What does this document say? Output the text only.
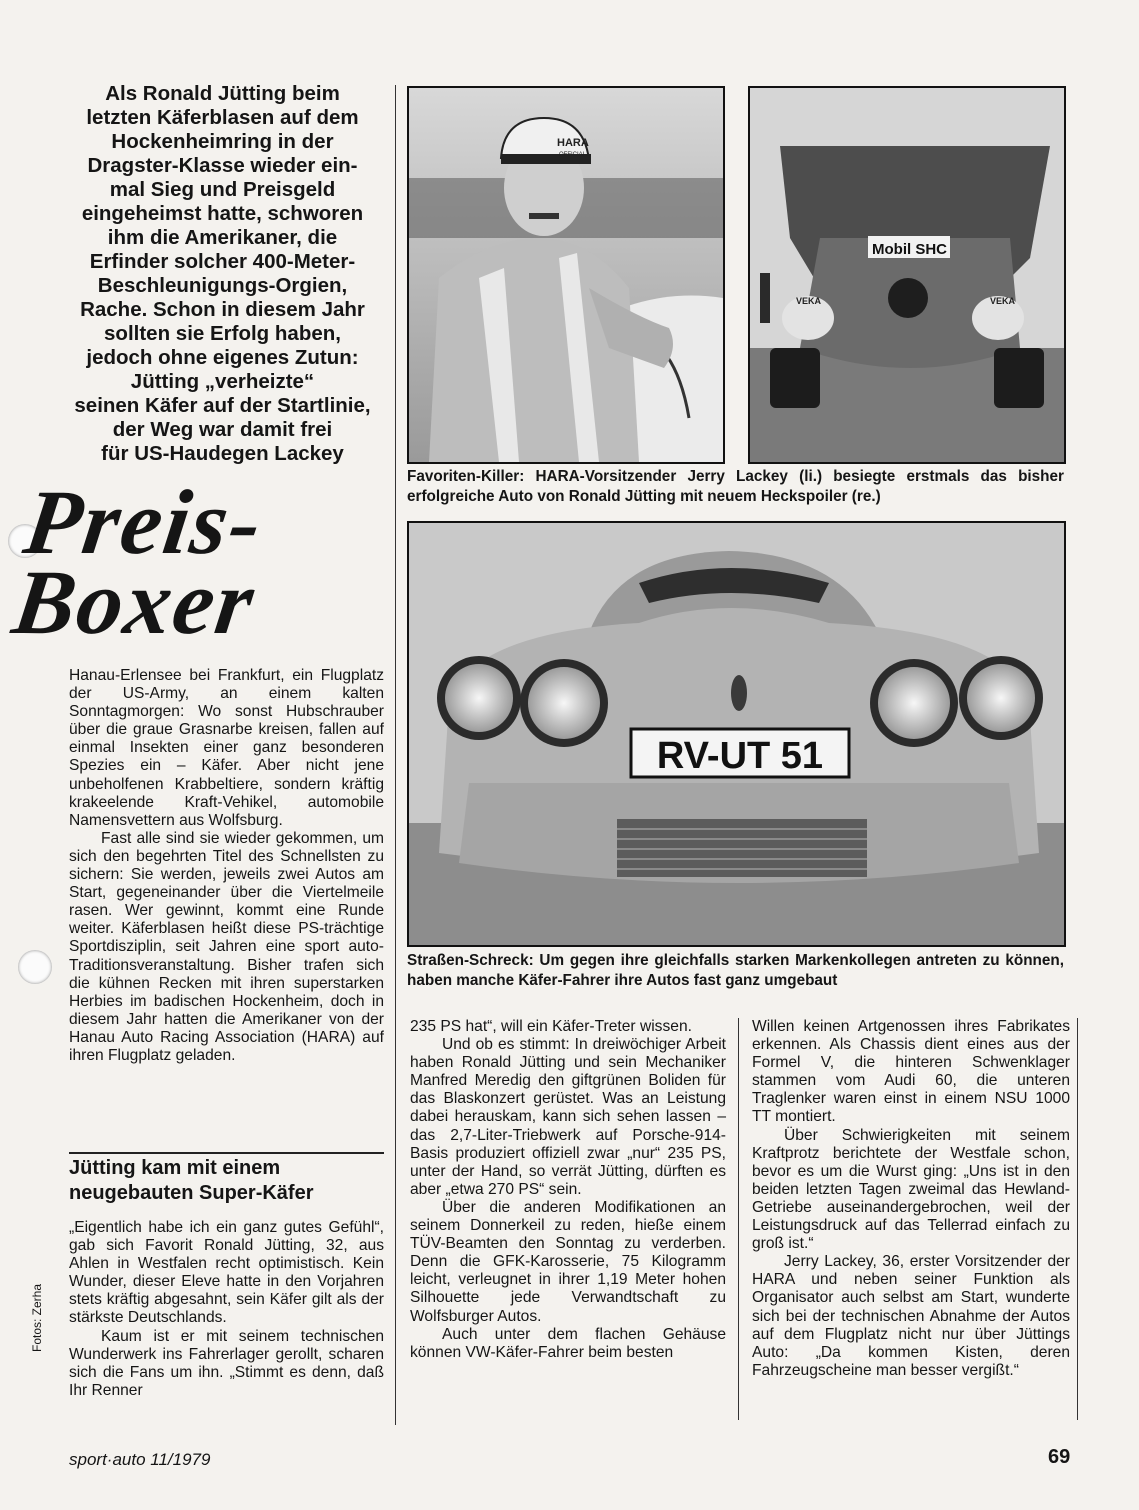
Als Ronald Jütting beim
letzten Käferblasen auf dem
Hockenheimring in der
Dragster-Klasse wieder ein-
mal Sieg und Preisgeld
eingeheimst hatte, schworen
ihm die Amerikaner, die
Erfinder solcher 400-Meter-
Beschleunigungs-Orgien,
Rache. Schon in diesem Jahr
sollten sie Erfolg haben,
jedoch ohne eigenes Zutun:
Jütting „verheizte“
seinen Käfer auf der Startlinie,
der Weg war damit frei
für US-Haudegen Lackey
Preis-
Boxer

Hanau-Erlensee bei Frankfurt, ein Flugplatz der US-Army, an einem kalten Sonntagmorgen: Wo sonst Hubschrauber über die graue Grasnarbe kreisen, fallen auf einmal Insekten einer ganz besonderen Spezies ein – Käfer. Aber nicht jene unbeholfenen Krabbeltiere, sondern kräftig krakeelende Kraft-Vehikel, automobile Namensvettern aus Wolfsburg.

Fast alle sind sie wieder gekommen, um sich den begehrten Titel des Schnellsten zu sichern: Sie werden, jeweils zwei Autos am Start, gegeneinander über die Viertelmeile rasen. Wer gewinnt, kommt eine Runde weiter. Käferblasen heißt diese PS-trächtige Sportdisziplin, seit Jahren eine sport auto-Traditionsveranstaltung. Bisher trafen sich die kühnen Recken mit ihren superstarken Herbies im badischen Hockenheim, doch in diesem Jahr hatten die Amerikaner von der Hanau Auto Racing Association (HARA) auf ihren Flugplatz geladen.

Jütting kam mit einem neugebauten Super-Käfer

„Eigentlich habe ich ein ganz gutes Gefühl“, gab sich Favorit Ronald Jütting, 32, aus Ahlen in Westfalen recht optimistisch. Kein Wunder, dieser Eleve hatte in den Vorjahren stets kräftig abgesahnt, sein Käfer gilt als der stärkste Deutschlands.

Kaum ist er mit seinem technischen Wunderwerk ins Fahrerlager gerollt, scharen sich die Fans um ihn. „Stimmt es denn, daß Ihr Renner

Fotos: Zerha
HARA
OFFICIAL
Mobil SHC
VEKA	VEKA
Favoriten-Killer: HARA-Vorsitzender Jerry Lackey (li.) besiegte erstmals das bisher erfolgreiche Auto von Ronald Jütting mit neuem Heckspoiler (re.)
RV-UT 51
Straßen-Schreck: Um gegen ihre gleichfalls starken Markenkollegen antreten zu können, haben manche Käfer-Fahrer ihre Autos fast ganz umgebaut

235 PS hat“, will ein Käfer-Treter wissen.

Und ob es stimmt: In dreiwöchiger Arbeit haben Ronald Jütting und sein Mechaniker Manfred Meredig den giftgrünen Boliden für das Blaskonzert gerüstet. Was an Leistung dabei herauskam, kann sich sehen lassen – das 2,7-Liter-Triebwerk auf Porsche-914-Basis produziert offiziell zwar „nur“ 235 PS, unter der Hand, so verrät Jütting, dürften es aber „etwa 270 PS“ sein.

Über die anderen Modifikationen an seinem Donnerkeil zu reden, hieße einem TÜV-Beamten den Sonntag zu verderben. Denn die GFK-Karosserie, 75 Kilogramm leicht, verleugnet in ihrer 1,19 Meter hohen Silhouette jede Verwandtschaft zu Wolfsburger Autos.

Auch unter dem flachen Gehäuse können VW-Käfer-Fahrer beim besten

Willen keinen Artgenossen ihres Fabrikates erkennen. Als Chassis dient eines aus der Formel V, die hinteren Schwenklager stammen vom Audi 60, die unteren Traglenker waren einst in einem NSU 1000 TT montiert.

Über Schwierigkeiten mit seinem Kraftprotz berichtete der Westfale schon, bevor es um die Wurst ging: „Uns ist in den beiden letzten Tagen zweimal das Hewland-Getriebe auseinandergebrochen, weil der Leistungsdruck auf das Tellerrad einfach zu groß ist.“

Jerry Lackey, 36, erster Vorsitzender der HARA und neben seiner Funktion als Organisator auch selbst am Start, wunderte sich bei der technischen Abnahme der Autos auf dem Flugplatz nicht nur über Jüttings Auto: „Da kommen Kisten, deren Fahrzeugscheine man besser vergißt.“

sport·auto 11/1979	69
